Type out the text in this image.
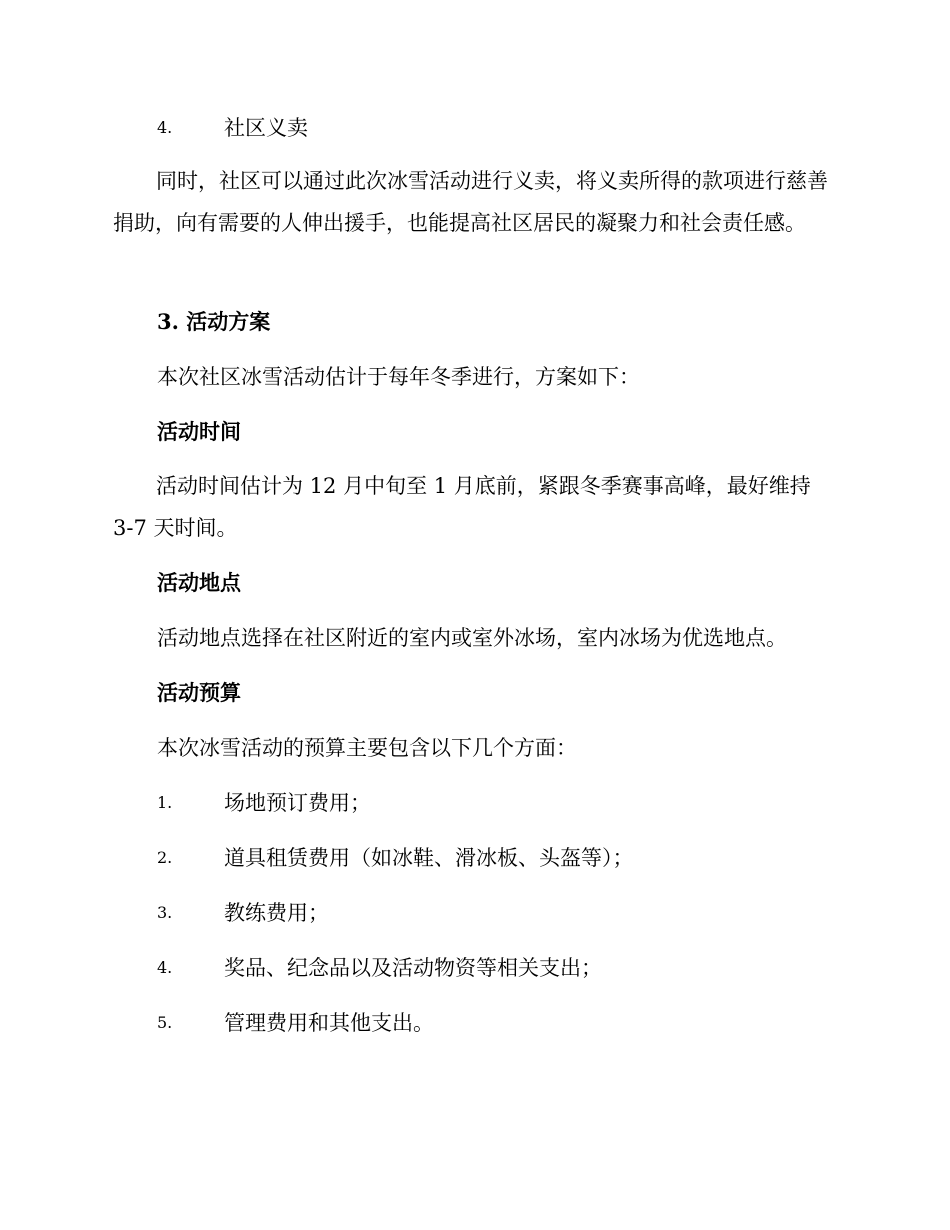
4. 社区义卖
同时，社区可以通过此次冰雪活动进行义卖，将义卖所得的款项进行慈善捐助，向有需要的人伸出援手，也能提高社区居民的凝聚力和社会责任感。
3. 活动方案
本次社区冰雪活动估计于每年冬季进行，方案如下：
活动时间
活动时间估计为 12 月中旬至 1 月底前，紧跟冬季赛事高峰，最好维持 3-7 天时间。
活动地点
活动地点选择在社区附近的室内或室外冰场，室内冰场为优选地点。
活动预算
本次冰雪活动的预算主要包含以下几个方面：
1. 场地预订费用；
2. 道具租赁费用（如冰鞋、滑冰板、头盔等）；
3. 教练费用；
4. 奖品、纪念品以及活动物资等相关支出；
5. 管理费用和其他支出。
